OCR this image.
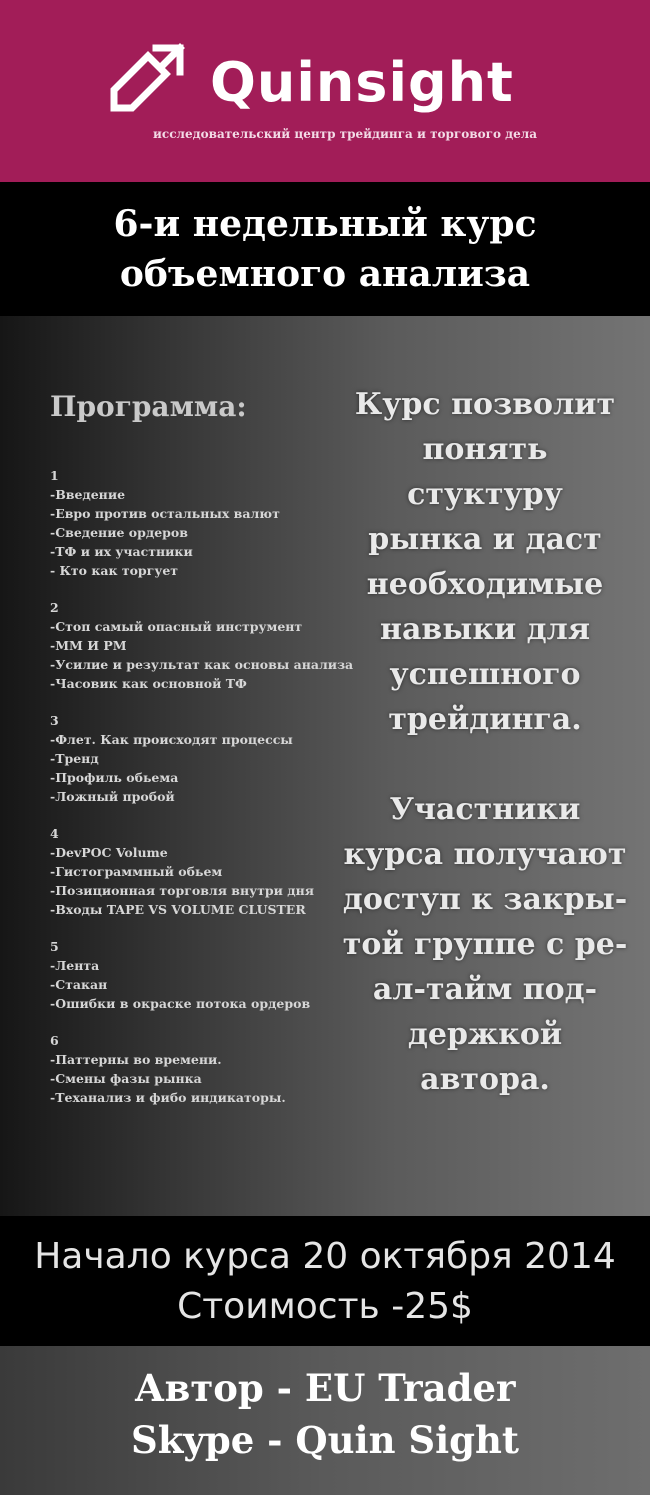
Quinsight
исследовательский центр трейдинга и торгового дела
6-и недельный курс
объемного анализа
Программа:
1
-Введение
-Евро против остальных валют
-Сведение ордеров
-ТФ и их участники
- Кто как торгует
2
-Стоп самый опасный инструмент
-ММ И РМ
-Усилие и результат как основы анализа
-Часовик как основной ТФ
3
-Флет. Как происходят процессы
-Тренд
-Профиль обьема
-Ложный пробой
4
-DevPOC Volume
-Гистограммный обьем
-Позиционная торговля внутри дня
-Входы TAPE VS VOLUME CLUSTER
5
-Лента
-Стакан
-Ошибки в окраске потока ордеров
6
-Паттерны во времени.
-Смены фазы рынка
-Теханализ и фибо индикаторы.
Курс позволит
понять
стуктуру
рынка и даст
необходимые
навыки для
успешного
трейдинга.
Участники
курса получают
доступ к закры-
той группе с ре-
ал-тайм под-
держкой
автора.
Начало курса 20 октября 2014
Стоимость -25$
Автор - EU Trader
Skype - Quin Sight
